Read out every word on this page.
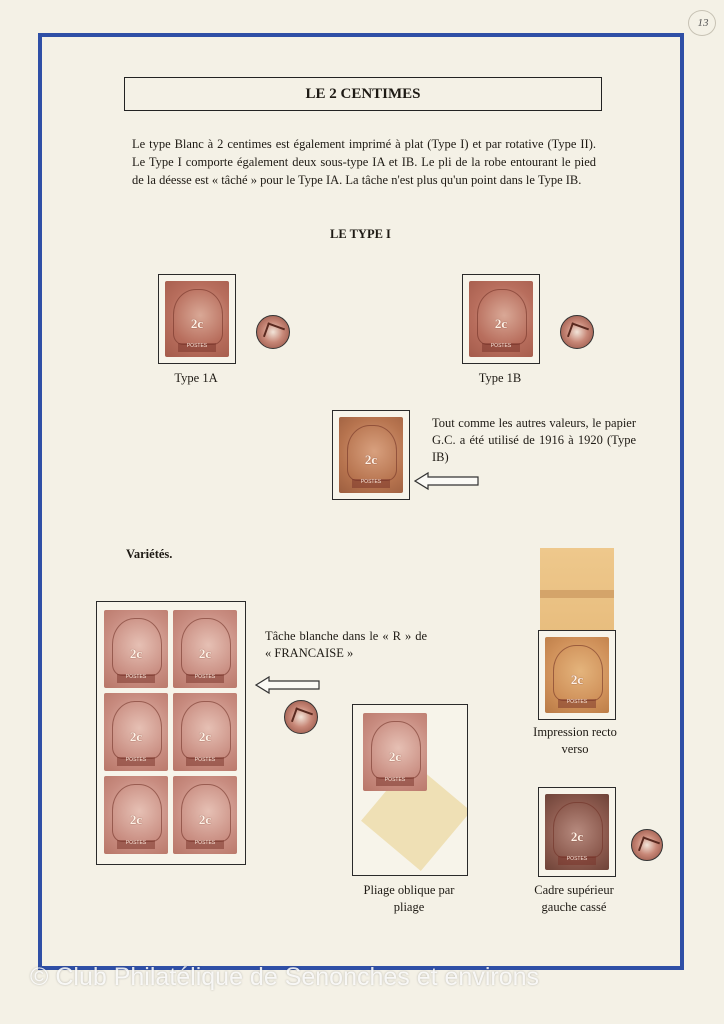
13
LE 2 CENTIMES
Le type Blanc à 2 centimes est également imprimé à plat (Type I) et par rotative (Type II). Le Type I comporte également deux sous-type IA et IB. Le pli de la robe entourant le pied de la déesse est « tâché » pour le Type IA. La tâche n'est plus qu'un point dans le Type IB.
LE TYPE I
2c
POSTES
Type 1A
2c
POSTES
Type 1B
2c
POSTES
Tout comme les autres valeurs, le papier G.C. a été utilisé de 1916 à 1920 (Type IB)
Variétés.
2c
POSTES
2c
POSTES
2c
POSTES
2c
POSTES
2c
POSTES
2c
POSTES
Tâche blanche dans le « R » de « FRANCAISE »
2c
POSTES
Pliage oblique par pliage
2c
POSTES
Impression recto verso
2c
POSTES
Cadre supérieur gauche cassé
© Club Philatélique de Senonches et environs
